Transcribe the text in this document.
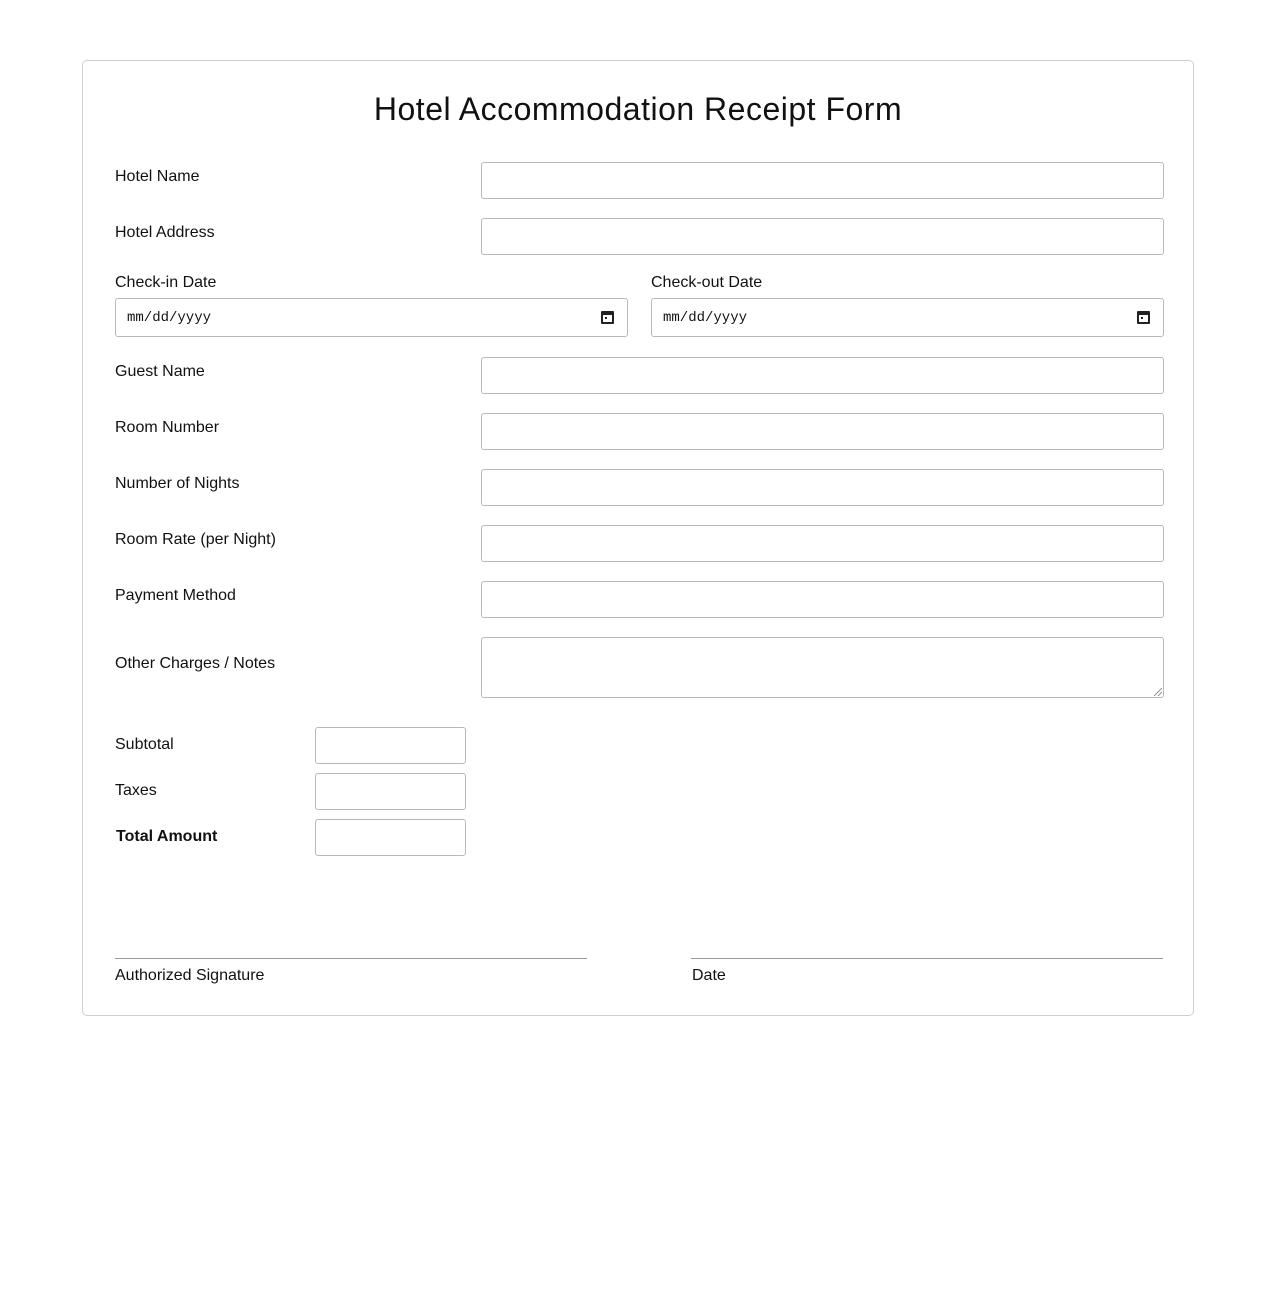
Hotel Accommodation Receipt Form
Hotel Name
Hotel Address
Check-in Date
mm/dd/yyyy
Check-out Date
mm/dd/yyyy
Guest Name
Room Number
Number of Nights
Room Rate (per Night)
Payment Method
Other Charges / Notes
Subtotal
Taxes
Total Amount
Authorized Signature	Date
